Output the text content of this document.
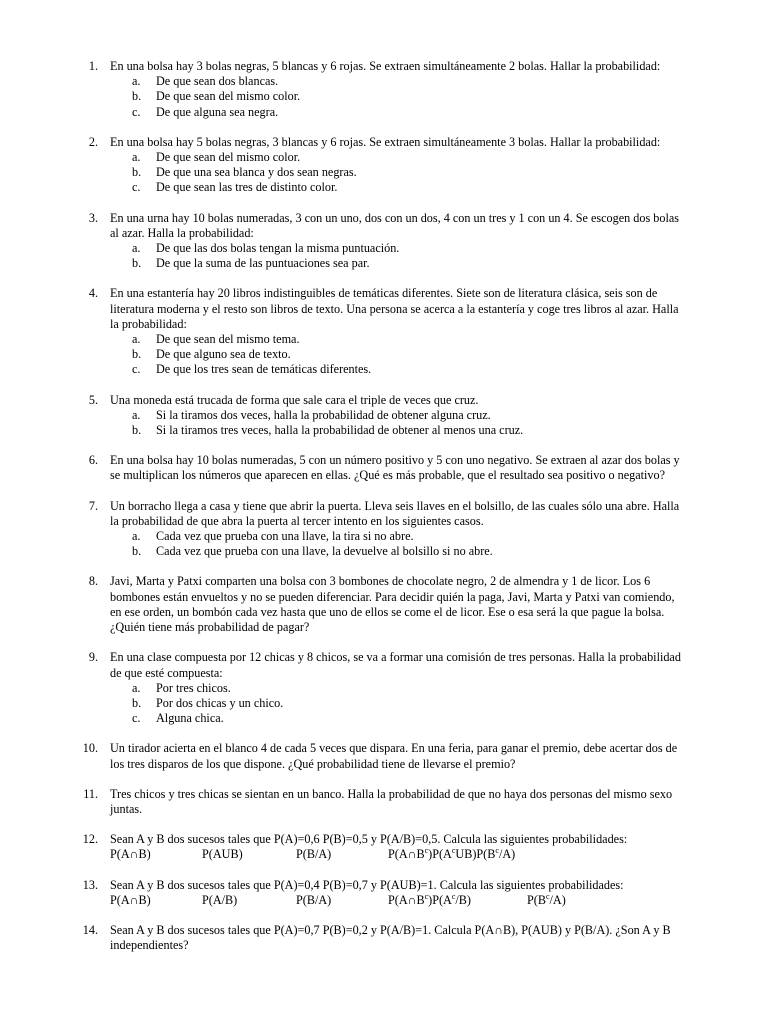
1. En una bolsa hay 3 bolas negras, 5 blancas y 6 rojas. Se extraen simultáneamente 2 bolas. Hallar la probabilidad:
a. De que sean dos blancas.
b. De que sean del mismo color.
c. De que alguna sea negra.
2. En una bolsa hay 5 bolas negras, 3 blancas y 6 rojas. Se extraen simultáneamente 3 bolas. Hallar la probabilidad:
a. De que sean del mismo color.
b. De que una sea blanca y dos sean negras.
c. De que sean las tres de distinto color.
3. En una urna hay 10 bolas numeradas, 3 con un uno, dos con un dos, 4 con un tres y 1 con un 4. Se escogen dos bolas al azar. Halla la probabilidad:
a. De que las dos bolas tengan la misma puntuación.
b. De que la suma de las puntuaciones sea par.
4. En una estantería hay 20 libros indistinguibles de temáticas diferentes. Siete son de literatura clásica, seis son de literatura moderna y el resto son libros de texto. Una persona se acerca a la estantería y coge tres libros al azar. Halla la probabilidad:
a. De que sean del mismo tema.
b. De que alguno sea de texto.
c. De que los tres sean de temáticas diferentes.
5. Una moneda está trucada de forma que sale cara el triple de veces que cruz.
a. Si la tiramos dos veces, halla la probabilidad de obtener alguna cruz.
b. Si la tiramos tres veces, halla la probabilidad de obtener al menos una cruz.
6. En una bolsa hay 10 bolas numeradas, 5 con un número positivo y 5 con uno negativo. Se extraen al azar dos bolas y se multiplican los números que aparecen en ellas. ¿Qué es más probable, que el resultado sea positivo o negativo?
7. Un borracho llega a casa y tiene que abrir la puerta. Lleva seis llaves en el bolsillo, de las cuales sólo una abre. Halla la probabilidad de que abra la puerta al tercer intento en los siguientes casos.
a. Cada vez que prueba con una llave, la tira si no abre.
b. Cada vez que prueba con una llave, la devuelve al bolsillo si no abre.
8. Javi, Marta y Patxi comparten una bolsa con 3 bombones de chocolate negro, 2 de almendra y 1 de licor. Los 6 bombones están envueltos y no se pueden diferenciar. Para decidir quién la paga, Javi, Marta y Patxi van comiendo, en ese orden, un bombón cada vez hasta que uno de ellos se come el de licor. Ese o esa será la que pague la bolsa. ¿Quién tiene más probabilidad de pagar?
9. En una clase compuesta por 12 chicas y 8 chicos, se va a formar una comisión de tres personas. Halla la probabilidad de que esté compuesta:
a. Por tres chicos.
b. Por dos chicas y un chico.
c. Alguna chica.
10. Un tirador acierta en el blanco 4 de cada 5 veces que dispara. En una feria, para ganar el premio, debe acertar dos de los tres disparos de los que dispone. ¿Qué probabilidad tiene de llevarse el premio?
11. Tres chicos y tres chicas se sientan en un banco. Halla la probabilidad de que no haya dos personas del mismo sexo juntas.
12. Sean A y B dos sucesos tales que P(A)=0,6 P(B)=0,5 y P(A/B)=0,5. Calcula las siguientes probabilidades:
P(A∩B)	P(AUB)	P(B/A)	$P(A\cap B^c)P(A^cUB)P(B^c/A)$
13. Sean A y B dos sucesos tales que P(A)=0,4 P(B)=0,7 y P(AUB)=1. Calcula las siguientes probabilidades:
P(A∩B)	P(A/B)	P(B/A)	$P(A\cap B^c)P(A^c/B)$	$P(B^c/A)$
14. Sean A y B dos sucesos tales que P(A)=0,7 P(B)=0,2 y P(A/B)=1. Calcula P(A∩B), P(AUB) y P(B/A). ¿Son A y B independientes?
